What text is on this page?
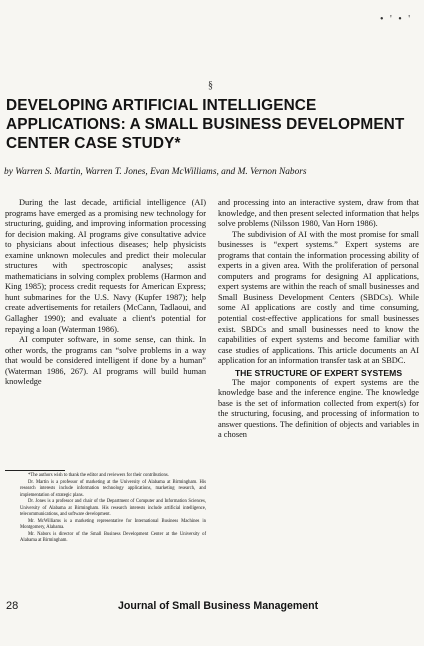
• ' • '
§
DEVELOPING ARTIFICIAL INTELLIGENCE APPLICATIONS: A SMALL BUSINESS DEVELOPMENT CENTER CASE STUDY*
by Warren S. Martin, Warren T. Jones, Evan McWilliams, and M. Vernon Nabors

During the last decade, artificial intelligence (AI) programs have emerged as a promising new technology for structuring, guiding, and improving information processing for decision making. AI programs give consultative advice to physicians about infectious diseases; help physicists examine unknown molecules and predict their molecular structures with spectroscopic analyses; assist mathematicians in solving complex problems (Harmon and King 1985); process credit requests for American Express; hunt submarines for the U.S. Navy (Kupfer 1987); help create advertisements for retailers (McCann, Tadlaoui, and Gallagher 1990); and evaluate a client's potential for repaying a loan (Waterman 1986).

AI computer software, in some sense, can think. In other words, the programs can “solve problems in a way that would be considered intelligent if done by a human” (Waterman 1986, 267). AI programs will build human knowledge

*The authors wish to thank the editor and reviewers for their contributions.

Dr. Martin is a professor of marketing at the University of Alabama at Birmingham. His research interests include information technology applications, marketing research, and implementation of strategic plans.

Dr. Jones is a professor and chair of the Department of Computer and Information Sciences, University of Alabama at Birmingham. His research interests include artificial intelligence, telecommunications, and software development.

Mr. McWilliams is a marketing representative for International Business Machines in Montgomery, Alabama.

Mr. Nabors is director of the Small Business Development Center at the University of Alabama at Birmingham.

and processing into an interactive system, draw from that knowledge, and then present selected information that helps solve problems (Nilsson 1980, Van Horn 1986).

The subdivision of AI with the most promise for small businesses is “expert systems.” Expert systems are programs that contain the information processing ability of experts in a given area. With the proliferation of personal computers and programs for designing AI applications, expert systems are within the reach of small businesses and Small Business Development Centers (SBDCs). While some AI applications are costly and time consuming, potential cost-effective applications for small businesses exist. SBDCs and small businesses need to know the capabilities of expert systems and become familiar with case studies of applications. This article documents an AI application for an information transfer task at an SBDC.

THE STRUCTURE OF EXPERT SYSTEMS

The major components of expert systems are the knowledge base and the inference engine. The knowledge base is the set of information collected from expert(s) for the structuring, focusing, and processing of information to answer questions. The definition of objects and variables in a chosen

28	Journal of Small Business Management
